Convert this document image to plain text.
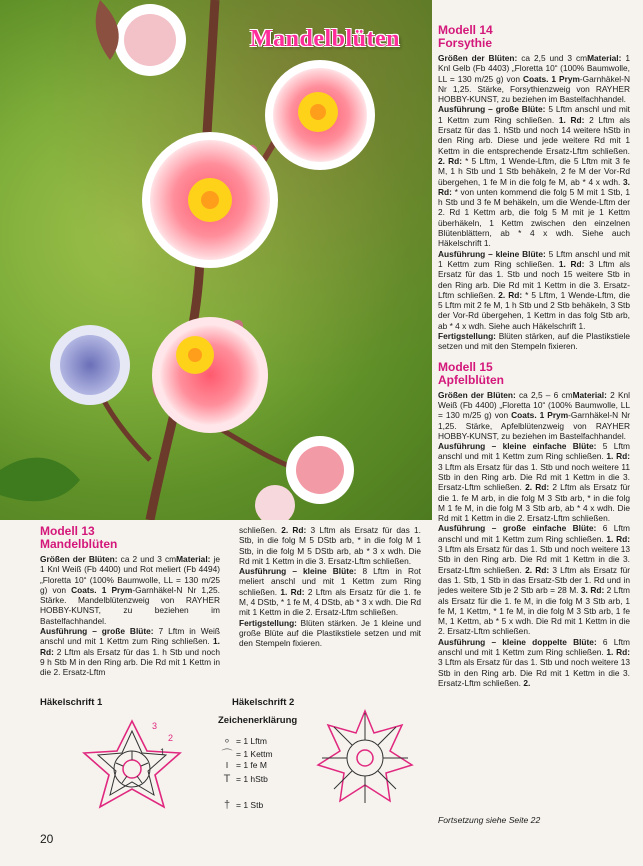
Mandelblüten	Modell 14

Forsythie

Größen der Blüten: ca 2,5 und 3 cmMaterial: 1 Knl Gelb (Fb 4403) „Floretta 10“ (100% Baumwolle, LL = 130 m/25 g) von Coats. 1 Prym-Garnhäkel-N Nr 1,25. Stärke, Forsythienzweig von RAYHER HOBBY-KUNST, zu beziehen im Bastelfachhandel.

Ausführung – große Blüte: 5 Lftm anschl und mit 1 Kettm zum Ring schließen. 1. Rd: 2 Lftm als Ersatz für das 1. hStb und noch 14 weitere hStb in den Ring arb. Diese und jede weitere Rd mit 1 Kettm in die entsprechende Ersatz-Lftm schließen. 2. Rd: * 5 Lftm, 1 Wende-Lftm, die 5 Lftm mit 3 fe M, 1 h Stb und 1 Stb behäkeln, 2 fe M der Vor-Rd übergehen, 1 fe M in die folg fe M, ab * 4 x wdh. 3. Rd: * von unten kommend die folg 5 M mit 1 Stb, 1 h Stb und 3 fe M behäkeln, um die Wende-Lftm der 2. Rd 1 Kettm arb, die folg 5 M mit je 1 Kettm überhäkeln, 1 Kettm zwischen den einzelnen Blütenblättern, ab * 4 x wdh. Siehe auch Häkelschrift 1.

Ausführung – kleine Blüte: 5 Lftm anschl und mit 1 Kettm zum Ring schließen. 1. Rd: 3 Lftm als Ersatz für das 1. Stb und noch 15 weitere Stb in den Ring arb. Die Rd mit 1 Kettm in die 3. Ersatz-Lftm schließen. 2. Rd: * 5 Lftm, 1 Wende-Lftm, die 5 Lftm mit 2 fe M, 1 h Stb und 2 Stb behäkeln, 3 Stb der Vor-Rd übergehen, 1 Kettm in das folg Stb arb, ab * 4 x wdh. Siehe auch Häkelschrift 1.

Fertigstellung: Blüten stärken, auf die Plastikstiele setzen und mit den Stempeln fixieren.

Modell 15

Apfelblüten

Größen der Blüten: ca 2,5 – 6 cmMaterial: 2 Knl Weiß (Fb 4400) „Floretta 10“ (100% Baumwolle, LL = 130 m/25 g) von Coats. 1 Prym-Garnhäkel-N Nr 1,25. Stärke, Apfelblütenzweig von RAYHER HOBBY-KUNST, zu beziehen im Bastelfachhandel.

Ausführung – kleine einfache Blüte: 5 Lftm anschl und mit 1 Kettm zum Ring schließen. 1. Rd: 3 Lftm als Ersatz für das 1. Stb und noch weitere 11 Stb in den Ring arb. Die Rd mit 1 Kettm in die 3. Ersatz-Lftm schließen. 2. Rd: 2 Lftm als Ersatz für die 1. fe M arb, in die folg M 3 Stb arb, * in die folg M 1 fe M, in die folg M 3 Stb arb, ab * 4 x wdh. Die Rd mit 1 Kettm in die 2. Ersatz-Lftm schließen.

Ausführung – große einfache Blüte: 6 Lftm anschl und mit 1 Kettm zum Ring schließen. 1. Rd: 3 Lftm als Ersatz für das 1. Stb und noch weitere 13 Stb in den Ring arb. Die Rd mit 1 Kettm in die 3. Ersatz-Lftm schließen. 2. Rd: 3 Lftm als Ersatz für das 1. Stb, 1 Stb in das Ersatz-Stb der 1. Rd und in jedes weitere Stb je 2 Stb arb = 28 M. 3. Rd: 2 Lftm als Ersatz für die 1. fe M, in die folg M 3 Stb arb, 1 fe M, 1 Kettm, * 1 fe M, in die folg M 3 Stb arb, 1 fe M, 1 Kettm, ab * 5 x wdh. Die Rd mit 1 Kettm in die 2. Ersatz-Lftm schließen.

Ausführung – kleine doppelte Blüte: 6 Lftm anschl und mit 1 Kettm zum Ring schließen. 1. Rd: 3 Lftm als Ersatz für das 1. Stb und noch weitere 13 Stb in den Ring arb. Die Rd mit 1 Kettm in die 3. Ersatz-Lftm schließen. 2.

Modell 13

Mandelblüten

Größen der Blüten: ca 2 und 3 cmMaterial: je 1 Knl Weiß (Fb 4400) und Rot meliert (Fb 4494) „Floretta 10“ (100% Baumwolle, LL = 130 m/25 g) von Coats. 1 Prym-Garnhäkel-N Nr 1,25. Stärke. Mandelblütenzweig von RAYHER HOBBY-KUNST, zu beziehen im Bastelfachhandel.

Ausführung – große Blüte: 7 Lftm in Weiß anschl und mit 1 Kettm zum Ring schließen. 1. Rd: 2 Lftm als Ersatz für das 1. h Stb und noch 9 h Stb M in den Ring arb. Die Rd mit 1 Kettm in die 2. Ersatz-Lftm

schließen. 2. Rd: 3 Lftm als Ersatz für das 1. Stb, in die folg M 5 DStb arb, * in die folg M 1 Stb, in die folg M 5 DStb arb, ab * 3 x wdh. Die Rd mit 1 Kettm in die 3. Ersatz-Lftm schließen.

Ausführung – kleine Blüte: 8 Lftm in Rot meliert anschl und mit 1 Kettm zum Ring schließen. 1. Rd: 2 Lftm als Ersatz für die 1. fe M, 4 DStb, * 1 fe M, 4 DStb, ab * 3 x wdh. Die Rd mit 1 Kettm in die 2. Ersatz-Lftm schließen.

Fertigstellung: Blüten stärken. Je 1 kleine und große Blüte auf die Plastikstiele setzen und mit den Stempeln fixieren.

Häkelschrift 1	Häkelschrift 2
3
2
1
Zeichenerklärung
∘ = 1 Lftm
⌒ = 1 Kettm
ı = 1 fe M
T = 1 hStb
† = 1 Stb
20
Fortsetzung siehe Seite 22
